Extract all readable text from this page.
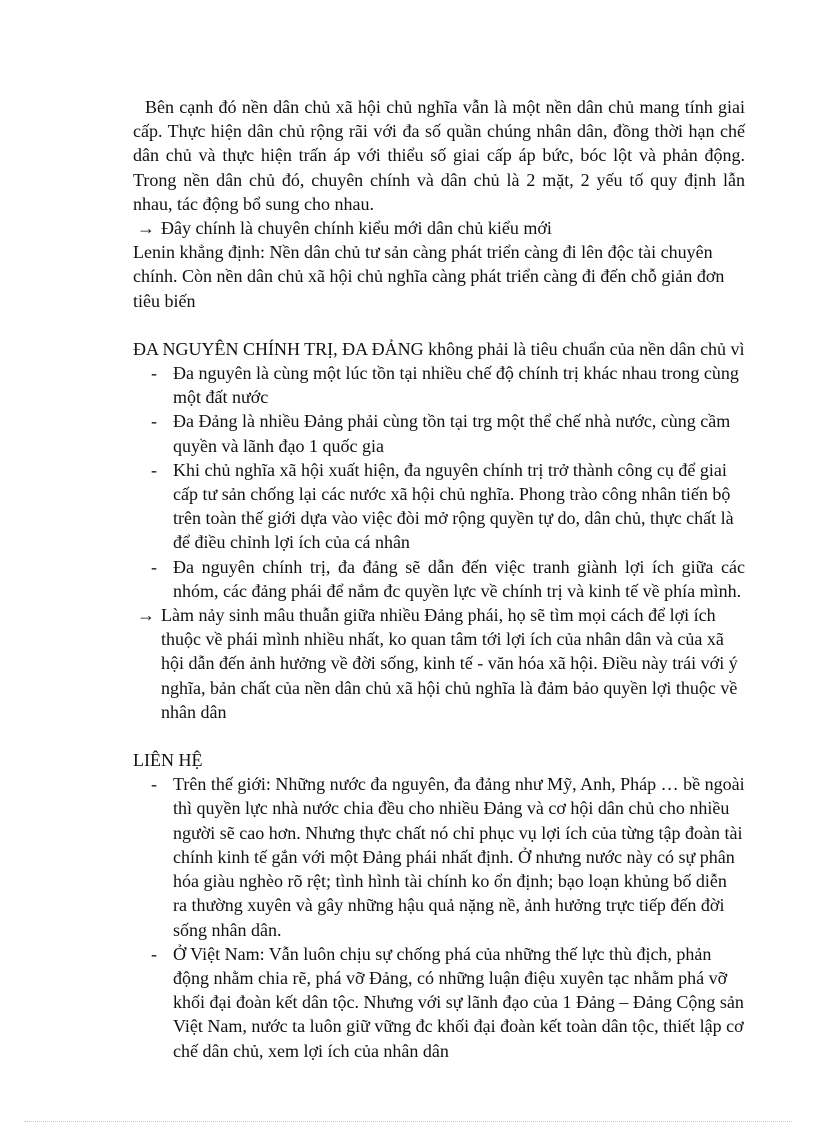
Bên cạnh đó nền dân chủ xã hội chủ nghĩa vẫn là một nền dân chủ mang tính giai cấp. Thực hiện dân chủ rộng rãi với đa số quần chúng nhân dân, đồng thời hạn chế dân chủ và thực hiện trấn áp với thiểu số giai cấp áp bức, bóc lột và phản động. Trong nền dân chủ đó, chuyên chính và dân chủ là 2 mặt, 2 yếu tố quy định lẫn nhau, tác động bổ sung cho nhau.

→ Đây chính là chuyên chính kiểu mới dân chủ kiểu mới

Lenin khẳng định: Nền dân chủ tư sản càng phát triển càng đi lên độc tài chuyên chính. Còn nền dân chủ xã hội chủ nghĩa càng phát triển càng đi đến chỗ giản đơn tiêu biến

ĐA NGUYÊN CHÍNH TRỊ, ĐA ĐẢNG không phải là tiêu chuẩn của nền dân chủ vì

- Đa nguyên là cùng một lúc tồn tại nhiều chế độ chính trị khác nhau trong cùng một đất nước
- Đa Đảng là nhiều Đảng phải cùng tồn tại trg một thể chế nhà nước, cùng cầm quyền và lãnh đạo 1 quốc gia
- Khi chủ nghĩa xã hội xuất hiện, đa nguyên chính trị trở thành công cụ để giai cấp tư sản chống lại các nước xã hội chủ nghĩa. Phong trào công nhân tiến bộ trên toàn thế giới dựa vào việc đòi mở rộng quyền tự do, dân chủ, thực chất là để điều chỉnh lợi ích của cá nhân
- Đa nguyên chính trị, đa đảng sẽ dẫn đến việc tranh giành lợi ích giữa các nhóm, các đảng phái để nắm đc quyền lực về chính trị và kinh tế về phía mình.
→ Làm nảy sinh mâu thuẫn giữa nhiều Đảng phái, họ sẽ tìm mọi cách để lợi ích thuộc về phái mình nhiều nhất, ko quan tâm tới lợi ích của nhân dân và của xã hội dẫn đến ảnh hưởng về đời sống, kinh tế - văn hóa xã hội. Điều này trái với ý nghĩa, bản chất của nền dân chủ xã hội chủ nghĩa là đảm bảo quyền lợi thuộc về nhân dân

LIÊN HỆ

- Trên thế giới: Những nước đa nguyên, đa đảng như Mỹ, Anh, Pháp … bề ngoài thì quyền lực nhà nước chia đều cho nhiều Đảng và cơ hội dân chủ cho nhiều người sẽ cao hơn. Nhưng thực chất nó chỉ phục vụ lợi ích của từng tập đoàn tài chính kinh tế gắn với một Đảng phái nhất định. Ở nhưng nước này có sự phân hóa giàu nghèo rõ rệt; tình hình tài chính ko ổn định; bạo loạn khủng bố diễn ra thường xuyên và gây những hậu quả nặng nề, ảnh hưởng trực tiếp đến đời sống nhân dân.
- Ở Việt Nam: Vẫn luôn chịu sự chống phá của những thế lực thù địch, phản động nhằm chia rẽ, phá vỡ Đảng, có những luận điệu xuyên tạc nhằm phá vỡ khối đại đoàn kết dân tộc. Nhưng với sự lãnh đạo của 1 Đảng – Đảng Cộng sản Việt Nam, nước ta luôn giữ vững đc khối đại đoàn kết toàn dân tộc, thiết lập cơ chế dân chủ, xem lợi ích của nhân dân
